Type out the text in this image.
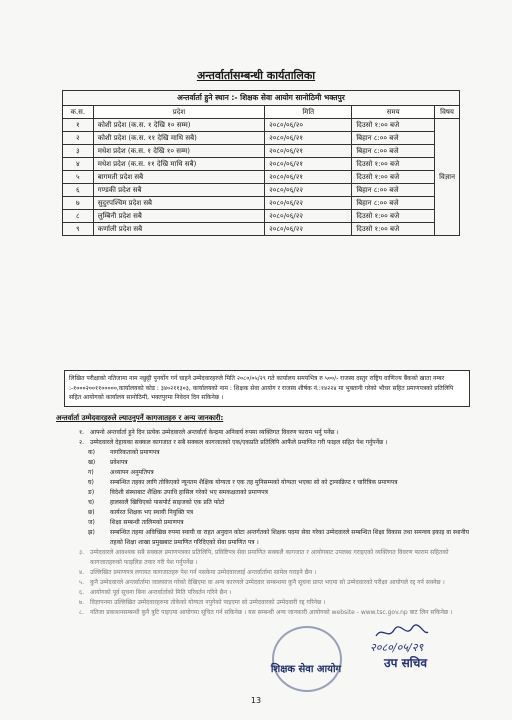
अन्तर्वार्तासम्बन्धी कार्यतालिका
अन्तर्वार्ता हुने स्थान :- शिक्षक सेवा आयोग सानोठिमी भक्तपुर				
क.स.	प्रदेश	मिति	समय	विषय
१	कोशी प्रदेश (क.स. १ देखि १० सम्म)	२०८०/०६/२०	दिउसो १:०० बजे	विज्ञान
२	कोशी प्रदेश (क.स. ११ देखि माथि सबै)	२०८०/०६/२१	बिहान ८:०० बजे	
३	मधेश प्रदेश (क.स. १ देखि १० सम्म)	२०८०/०६/२१	बिहान ८:०० बजे	
४	मधेश प्रदेश (क.स. ११ देखि माथि सबै)	२०८०/०६/२१	दिउसो १:०० बजे	
५	बागमती प्रदेश सबै	२०८०/०६/२१	दिउसो १:०० बजे	
६	गण्डकी प्रदेश सबै	२०८०/०६/२२	बिहान ८:०० बजे	
७	सुदुरपश्चिम प्रदेश सबै	२०८०/०६/२२	बिहान ८:०० बजे	
८	लुम्बिनी प्रदेश सबै	२०८०/०६/२२	दिउसो १:०० बजे	
९	कर्णाली प्रदेश सबै	२०८०/०६/२२	दिउसो १:०० बजे	
लिखित परीक्षाको नतिजामा नाम नछुट्टी पुनर्योग गर्न चाहने उम्मेदवारहरुले मिति २०८०/०५/२९ गते कार्यालय समयभित्र रु ५००/- राजस्व दस्तुर राष्ट्रिय वाणिज्य बैंकको खाता नम्बर :-१०००२००११०००००,कार्यालयको कोड : ३४०२११३०३, कार्यालयको नाम : शिक्षक सेवा आयोग र राजस्व शीर्षक नं.:१४२२४ मा भुक्तानी गरेको भौचर सहित प्रमाणपत्रको प्रतिलिपि सहित आयोगको कार्यालय सानोठिमी, भक्तपुरमा निवेदन दिन सकिनेछ ।
अन्तर्वार्ता उम्मेदवारहरुले ल्याउनुपर्ने कागजातहरु र अन्य जानकारी:
१.	आफ्नो अन्तर्वार्ता हुने दिन प्रत्येक उम्मेदवारले अन्तर्वार्ता केन्द्रमा अनिवार्य रुपमा व्यक्तिगत विवरण फाराम भर्नु पर्नेछ ।
२.	उम्मेदवारले देहायका सक्कल कागजात र सबै सक्कल कागजातको एक/एकप्रति प्रतिलिपि आफैंले प्रमाणित गरी फाइल सहित पेश गर्नुपर्नेछ ।
क)	नागरिकताको प्रमाणपत्र
ख)	प्रवेशपत्र
ग)	अध्यापन अनुमतिपत्र
घ)	सम्बन्धित तहका लागि तोकिएको न्यूनतम शैक्षिक योग्यता र एक तह मुनिसम्मको योग्यता भएका सो को ट्रान्सक्रिप्ट र चारित्रिक प्रमाणपत्र
ङ)	विदेशी संस्थाबाट शैक्षिक उपाधि हासिल गरेको भए समकक्षताको प्रमाणपत्र
च)	हालसालै खिचिएको पासपोर्ट साइजको एक प्रति फोटो
छ)	कार्यरत शिक्षक भए स्थायी नियुक्ति पत्र
ज)	शिक्षा सम्बन्धी तालिमको प्रमाणपत्र
झ)	सम्बन्धित तहमा अविच्छिन्न रुपमा स्थायी वा राहत अनुदान कोटा अन्तर्गतको शिक्षक पदमा सेवा गरेका उम्मेदवारले सम्बन्धित शिक्षा विकास तथा समन्वय इकाइ वा स्थानीय तहको शिक्षा शाखा प्रमुखबाट प्रमाणित गरिदिएको सेवा प्रमाणित पत्र ।
३.	उम्मेदवारले आवश्यक सबै सक्कल प्रमाणपत्रका प्रतिलिपि, प्रविष्टिपत्र सेवा प्रमाणित सक्कलै कागजात र आयोगबाट उपलब्ध गराइएको व्यक्तिगत विवरण फाराम सहितको कागजातहरुको फाइलिङ तयार गरी पेश गर्नुपर्नेछ ।
४.	उल्लिखित प्रमाणपत्र लगायत कागजातहरु पेश गर्न नसकेमा उम्मेदवारलाई अन्तर्वार्तामा सामेल गराइने छैन ।
५.	कुनै उम्मेदवारले अन्तर्वार्तामा जालसाज गरेको देखिएमा वा अन्य कारणले उम्मेदवार सम्बन्धमा कुनै सूचना प्राप्त भएमा सो उम्मेदवारको परीक्षा आयोगले रद्द गर्न सक्नेछ ।
६.	आयोगको पूर्व सूचना बिना अन्तर्वार्ताको मिति परिवर्तन गरिने छैन ।
७.	विज्ञापनमा उल्लिखित उम्मेदवारहरुमा तोकेको योग्यता नपुगेको पाइएमा सो उम्मेदवारको उम्मेदवारी रद्द गरिनेछ ।
८.	नतिजा प्रकाशनसम्बन्धी कुनै त्रुटि पाइएमा आयोगमा सूचित गर्न सकिनेछ । यस सम्बन्धी अन्य जानकारी आयोगको website - www.tsc.gov.np बाट लिन सकिनेछ ।
शिक्षक सेवा आयोग
२०८०/०५/२९
उप सचिव
13
